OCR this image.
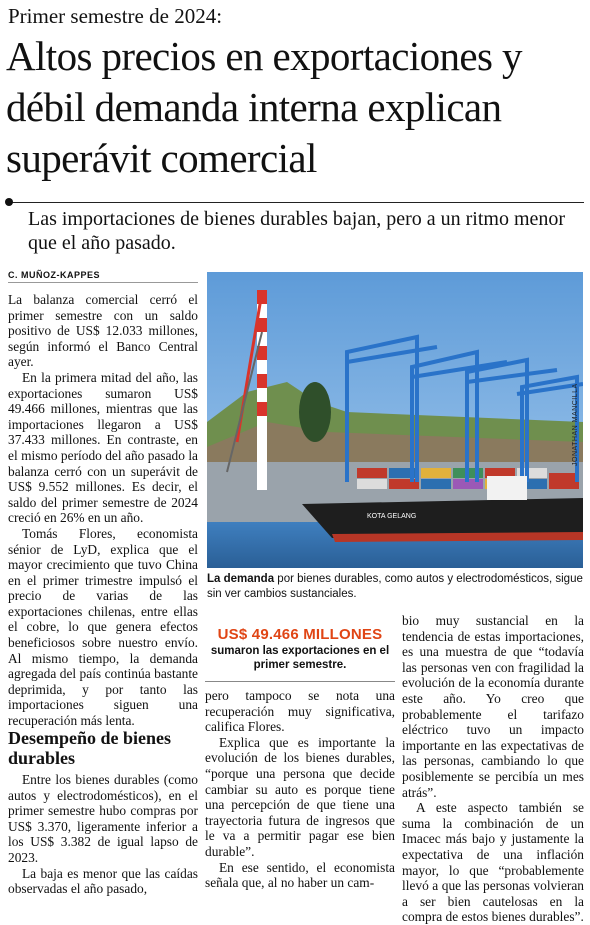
Primer semestre de 2024:
Altos precios en exportaciones y débil demanda interna explican superávit comercial
Las importaciones de bienes durables bajan, pero a un ritmo menor que el año pasado.
C. MUÑOZ-KAPPES

La balanza comercial cerró el primer semestre con un saldo positivo de US$ 12.033 millones, según informó el Banco Central ayer.

En la primera mitad del año, las exportaciones sumaron US$ 49.466 millones, mientras que las importaciones llegaron a US$ 37.433 millones. En contraste, en el mismo período del año pasado la balanza cerró con un superávit de US$ 9.552 millones. Es decir, el saldo del primer semestre de 2024 creció en 26% en un año.

Tomás Flores, economista sénior de LyD, explica que el mayor crecimiento que tuvo China en el primer trimestre impulsó el precio de varias de las exportaciones chilenas, entre ellas el cobre, lo que genera efectos beneficiosos sobre nuestro envío. Al mismo tiempo, la demanda agregada del país continúa bastante deprimida, y por tanto las importaciones siguen una recuperación más lenta.

Desempeño de bienes durables

Entre los bienes durables (como autos y electrodomésticos), en el primer semestre hubo compras por US$ 3.370, ligeramente inferior a los US$ 3.382 de igual lapso de 2023.

La baja es menor que las caídas observadas el año pasado,

KOTA GELANG
JONATHAN MANCILLA
La demanda por bienes durables, como autos y electrodomésticos, sigue sin ver cambios sustanciales.
US$ 49.466 MILLONES
sumaron las exportaciones en el primer semestre.

pero tampoco se nota una recuperación muy significativa, califica Flores.

Explica que es importante la evolución de los bienes durables, “porque una persona que decide cambiar su auto es porque tiene una percepción de que tiene una trayectoria futura de ingresos que le va a permitir pagar ese bien durable”.

En ese sentido, el economista señala que, al no haber un cam-

bio muy sustancial en la tendencia de estas importaciones, es una muestra de que “todavía las personas ven con fragilidad la evolución de la economía durante este año. Yo creo que probablemente el tarifazo eléctrico tuvo un impacto importante en las expectativas de las personas, cambiando lo que posiblemente se percibía un mes atrás”.

A este aspecto también se suma la combinación de un Imacec más bajo y justamente la expectativa de una inflación mayor, lo que “probablemente llevó a que las personas volvieran a ser bien cautelosas en la compra de estos bienes durables”.
